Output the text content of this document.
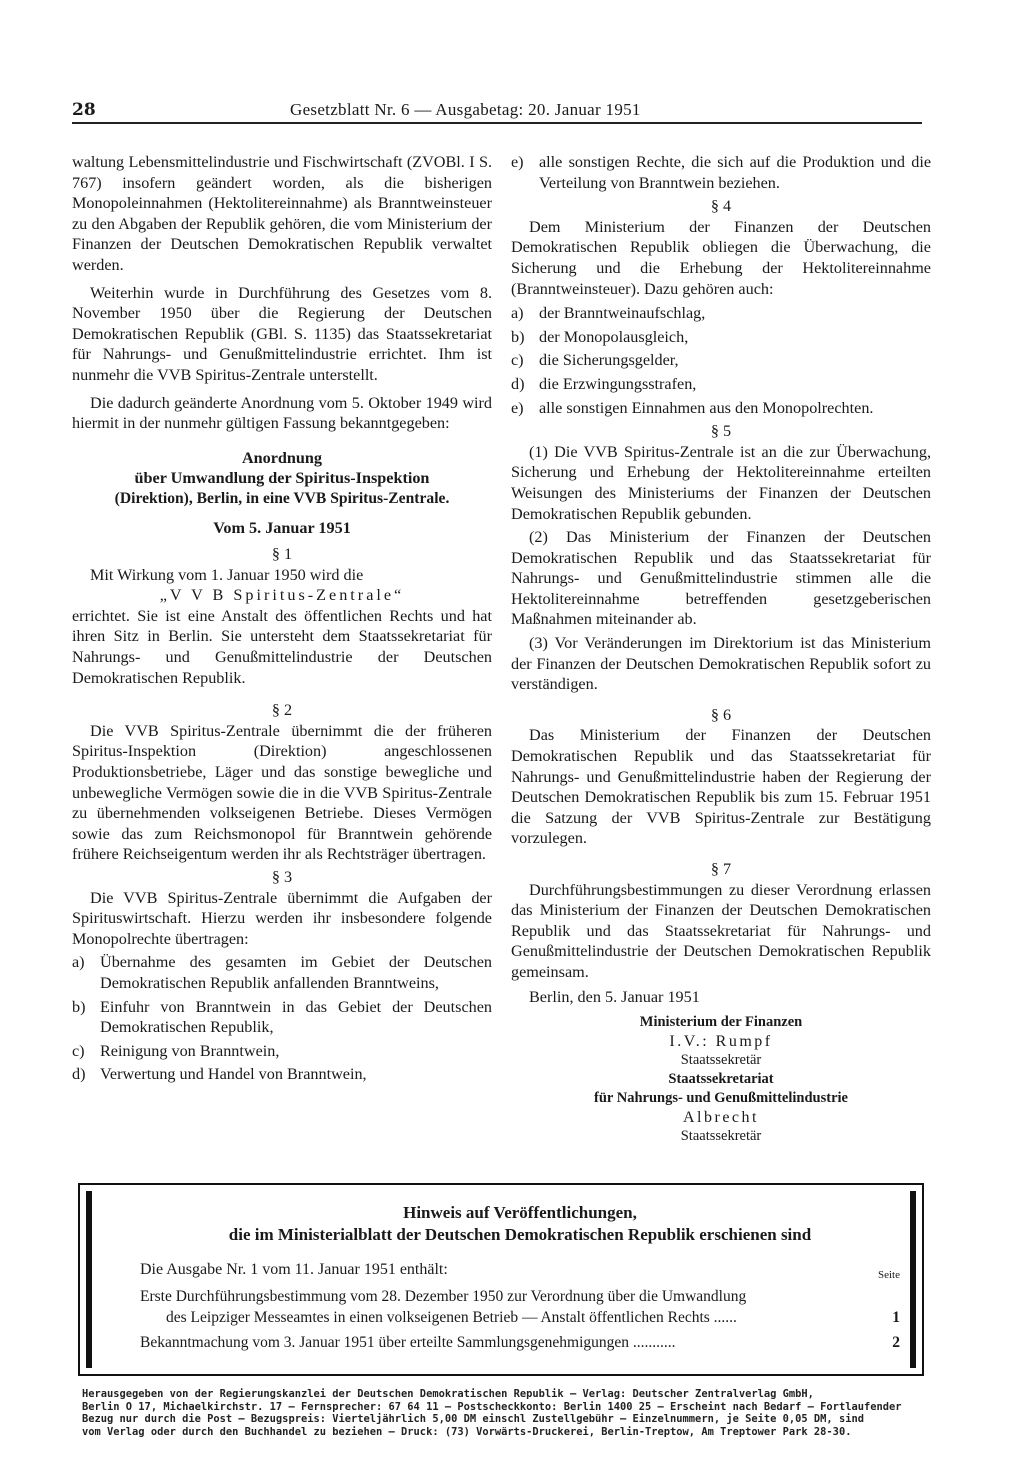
28	Gesetzblatt Nr. 6 — Ausgabetag: 20. Januar 1951

waltung Lebensmittelindustrie und Fischwirtschaft (ZVOBl. I S. 767) insofern geändert worden, als die bisherigen Monopoleinnahmen (Hektolitereinnahme) als Branntweinsteuer zu den Abgaben der Republik gehören, die vom Ministerium der Finanzen der Deutschen Demokratischen Republik verwaltet werden.

Weiterhin wurde in Durchführung des Gesetzes vom 8. November 1950 über die Regierung der Deutschen Demokratischen Republik (GBl. S. 1135) das Staatssekretariat für Nahrungs- und Genußmittelindustrie errichtet. Ihm ist nunmehr die VVB Spiritus-Zentrale unterstellt.

Die dadurch geänderte Anordnung vom 5. Oktober 1949 wird hiermit in der nunmehr gültigen Fassung bekanntgegeben:

Anordnung

über Umwandlung der Spiritus-Inspektion

(Direktion), Berlin, in eine VVB Spiritus-Zentrale.

Vom 5. Januar 1951

§ 1

Mit Wirkung vom 1. Januar 1950 wird die

„V V B Spiritus-Zentrale“

errichtet. Sie ist eine Anstalt des öffentlichen Rechts und hat ihren Sitz in Berlin. Sie untersteht dem Staatssekretariat für Nahrungs- und Genußmittelindustrie der Deutschen Demokratischen Republik.

§ 2

Die VVB Spiritus-Zentrale übernimmt die der früheren Spiritus-Inspektion (Direktion) angeschlossenen Produktionsbetriebe, Läger und das sonstige bewegliche und unbewegliche Vermögen sowie die in die VVB Spiritus-Zentrale zu übernehmenden volkseigenen Betriebe. Dieses Vermögen sowie das zum Reichsmonopol für Branntwein gehörende frühere Reichseigentum werden ihr als Rechtsträger übertragen.

§ 3

Die VVB Spiritus-Zentrale übernimmt die Aufgaben der Spirituswirtschaft. Hierzu werden ihr insbesondere folgende Monopolrechte übertragen:

a) Übernahme des gesamten im Gebiet der Deutschen Demokratischen Republik anfallenden Branntweins,
b) Einfuhr von Branntwein in das Gebiet der Deutschen Demokratischen Republik,
c) Reinigung von Branntwein,
d) Verwertung und Handel von Branntwein,
e) alle sonstigen Rechte, die sich auf die Produktion und die Verteilung von Branntwein beziehen.

§ 4

Dem Ministerium der Finanzen der Deutschen Demokratischen Republik obliegen die Überwachung, die Sicherung und die Erhebung der Hektolitereinnahme (Branntweinsteuer). Dazu gehören auch:

a) der Branntweinaufschlag,
b) der Monopolausgleich,
c) die Sicherungsgelder,
d) die Erzwingungsstrafen,
e) alle sonstigen Einnahmen aus den Monopolrechten.

§ 5

(1) Die VVB Spiritus-Zentrale ist an die zur Überwachung, Sicherung und Erhebung der Hektolitereinnahme erteilten Weisungen des Ministeriums der Finanzen der Deutschen Demokratischen Republik gebunden.

(2) Das Ministerium der Finanzen der Deutschen Demokratischen Republik und das Staatssekretariat für Nahrungs- und Genußmittelindustrie stimmen alle die Hektolitereinnahme betreffenden gesetzgeberischen Maßnahmen miteinander ab.

(3) Vor Veränderungen im Direktorium ist das Ministerium der Finanzen der Deutschen Demokratischen Republik sofort zu verständigen.

§ 6

Das Ministerium der Finanzen der Deutschen Demokratischen Republik und das Staatssekretariat für Nahrungs- und Genußmittelindustrie haben der Regierung der Deutschen Demokratischen Republik bis zum 15. Februar 1951 die Satzung der VVB Spiritus-Zentrale zur Bestätigung vorzulegen.

§ 7

Durchführungsbestimmungen zu dieser Verordnung erlassen das Ministerium der Finanzen der Deutschen Demokratischen Republik und das Staatssekretariat für Nahrungs- und Genußmittelindustrie der Deutschen Demokratischen Republik gemeinsam.

Berlin, den 5. Januar 1951

Ministerium der Finanzen
I.V.: Rumpf
Staatssekretär
Staatssekretariat
für Nahrungs- und Genußmittelindustrie
Albrecht
Staatssekretär
Hinweis auf Veröffentlichungen,
die im Ministerialblatt der Deutschen Demokratischen Republik erschienen sind
Die Ausgabe Nr. 1 vom 11. Januar 1951 enthält:	Seite
Erste Durchführungsbestimmung vom 28. Dezember 1950 zur Verordnung über die Umwandlung
des Leipziger Messeamtes in einen volkseigenen Betrieb — Anstalt öffentlichen Rechts ......	1
Bekanntmachung vom 3. Januar 1951 über erteilte Sammlungsgenehmigungen ...........	2
Herausgegeben von der Regierungskanzlei der Deutschen Demokratischen Republik — Verlag: Deutscher Zentralverlag GmbH,
Berlin O 17, Michaelkirchstr. 17 — Fernsprecher: 67 64 11 — Postscheckkonto: Berlin 1400 25 — Erscheint nach Bedarf — Fortlaufender
Bezug nur durch die Post — Bezugspreis: Vierteljährlich 5,00 DM einschl Zustellgebühr — Einzelnummern, je Seite 0,05 DM, sind
vom Verlag oder durch den Buchhandel zu beziehen — Druck: (73) Vorwärts-Druckerei, Berlin-Treptow, Am Treptower Park 28-30.
